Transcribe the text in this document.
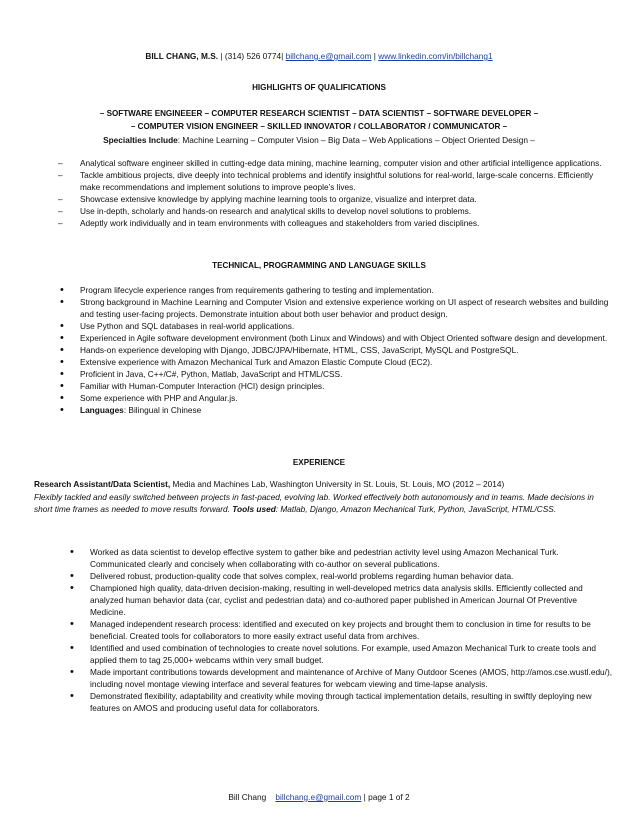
BILL CHANG, M.S. | (314) 526 0774| billchang.e@gmail.com | www.linkedin.com/in/billchang1
HIGHLIGHTS OF QUALIFICATIONS
– SOFTWARE ENGINEEER – COMPUTER RESEARCH SCIENTIST – DATA SCIENTIST – SOFTWARE DEVELOPER –
– COMPUTER VISION ENGINEER – SKILLED INNOVATOR / COLLABORATOR / COMMUNICATOR –
Specialties Include: Machine Learning – Computer Vision – Big Data – Web Applications – Object Oriented Design –
– Analytical software engineer skilled in cutting-edge data mining, machine learning, computer vision and other artificial intelligence applications.
– Tackle ambitious projects, dive deeply into technical problems and identify insightful solutions for real-world, large-scale concerns. Efficiently make recommendations and implement solutions to improve people’s lives.
– Showcase extensive knowledge by applying machine learning tools to organize, visualize and interpret data.
– Use in-depth, scholarly and hands-on research and analytical skills to develop novel solutions to problems.
– Adeptly work individually and in team environments with colleagues and stakeholders from varied disciplines.
TECHNICAL, PROGRAMMING AND LANGUAGE SKILLS
• Program lifecycle experience ranges from requirements gathering to testing and implementation.
• Strong background in Machine Learning and Computer Vision and extensive experience working on UI aspect of research websites and building and testing user-facing projects. Demonstrate intuition about both user behavior and product design.
• Use Python and SQL databases in real-world applications.
• Experienced in Agile software development environment (both Linux and Windows) and with Object Oriented software design and development.
• Hands-on experience developing with Django, JDBC/JPA/Hibernate, HTML, CSS, JavaScript, MySQL and PostgreSQL.
• Extensive experience with Amazon Mechanical Turk and Amazon Elastic Compute Cloud (EC2).
• Proficient in Java, C++/C#, Python, Matlab, JavaScript and HTML/CSS.
• Familiar with Human-Computer Interaction (HCI) design principles.
• Some experience with PHP and Angular.js.
• Languages: Bilingual in Chinese
EXPERIENCE
Research Assistant/Data Scientist, Media and Machines Lab, Washington University in St. Louis, St. Louis, MO (2012 – 2014)
Flexibly tackled and easily switched between projects in fast-paced, evolving lab. Worked effectively both autonomously and in teams. Made decisions in short time frames as needed to move results forward. Tools used: Matlab, Django, Amazon Mechanical Turk, Python, JavaScript, HTML/CSS.
• Worked as data scientist to develop effective system to gather bike and pedestrian activity level using Amazon Mechanical Turk. Communicated clearly and concisely when collaborating with co-author on several publications.
• Delivered robust, production-quality code that solves complex, real-world problems regarding human behavior data.
• Championed high quality, data-driven decision-making, resulting in well-developed metrics data analysis skills. Efficiently collected and analyzed human behavior data (car, cyclist and pedestrian data) and co-authored paper published in American Journal Of Preventive Medicine.
• Managed independent research process: identified and executed on key projects and brought them to conclusion in time for results to be beneficial. Created tools for collaborators to more easily extract useful data from archives.
• Identified and used combination of technologies to create novel solutions. For example, used Amazon Mechanical Turk to create tools and applied them to tag 25,000+ webcams within very small budget.
• Made important contributions towards development and maintenance of Archive of Many Outdoor Scenes (AMOS, http://amos.cse.wustl.edu/), including novel montage viewing interface and several features for webcam viewing and time-lapse analysis.
• Demonstrated flexibility, adaptability and creativity while moving through tactical implementation details, resulting in swiftly deploying new features on AMOS and producing useful data for collaborators.
Bill Chang billchang.e@gmail.com | page 1 of 2
